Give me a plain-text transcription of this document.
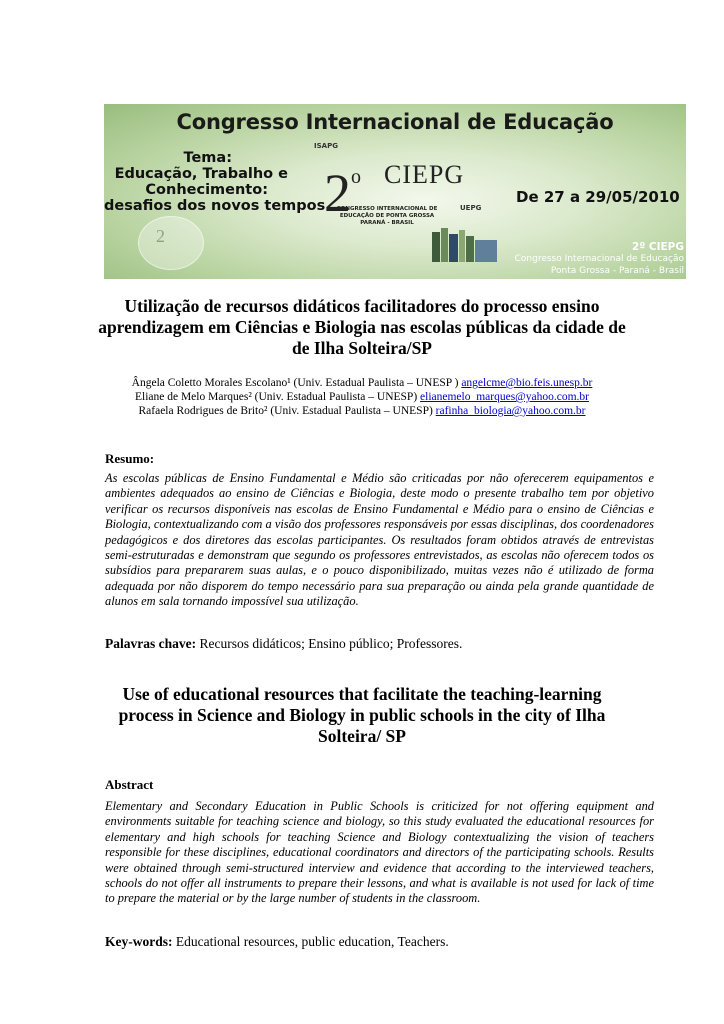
Congresso Internacional de Educação
2
Tema:
Educação, Trabalho e
Conhecimento:
desafios dos novos tempos
ISAPG
2$^o$ CIEPG
CONGRESSO INTERNACIONAL DE EDUCAÇÃO DE PONTA GROSSA PARANÁ - BRASIL
UEPG
De 27 a 29/05/2010
2º CIEPG
Congresso Internacional de Educação
Ponta Grossa - Paraná - Brasil
Utilização de recursos didáticos facilitadores do processo ensino aprendizagem em Ciências e Biologia nas escolas públicas da cidade de de Ilha Solteira/SP
Ângela Coletto Morales Escolano¹ (Univ. Estadual Paulista – UNESP ) angelcme@bio.feis.unesp.br
Eliane de Melo Marques² (Univ. Estadual Paulista – UNESP) elianemelo_marques@yahoo.com.br
Rafaela Rodrigues de Brito² (Univ. Estadual Paulista – UNESP) rafinha_biologia@yahoo.com.br
Resumo:
As escolas públicas de Ensino Fundamental e Médio são criticadas por não oferecerem equipamentos e ambientes adequados ao ensino de Ciências e Biologia, deste modo o presente trabalho tem por objetivo verificar os recursos disponíveis nas escolas de Ensino Fundamental e Médio para o ensino de Ciências e Biologia, contextualizando com a visão dos professores responsáveis por essas disciplinas, dos coordenadores pedagógicos e dos diretores das escolas participantes. Os resultados foram obtidos através de entrevistas semi-estruturadas e demonstram que segundo os professores entrevistados, as escolas não oferecem todos os subsídios para prepararem suas aulas, e o pouco disponibilizado, muitas vezes não é utilizado de forma adequada por não disporem do tempo necessário para sua preparação ou ainda pela grande quantidade de alunos em sala tornando impossível sua utilização.
Palavras chave: Recursos didáticos; Ensino público; Professores.
Use of educational resources that facilitate the teaching-learning process in Science and Biology in public schools in the city of Ilha Solteira/ SP
Abstract
Elementary and Secondary Education in Public Schools is criticized for not offering equipment and environments suitable for teaching science and biology, so this study evaluated the educational resources for elementary and high schools for teaching Science and Biology contextualizing the vision of teachers responsible for these disciplines, educational coordinators and directors of the participating schools. Results were obtained through semi-structured interview and evidence that according to the interviewed teachers, schools do not offer all instruments to prepare their lessons, and what is available is not used for lack of time to prepare the material or by the large number of students in the classroom.
Key-words: Educational resources, public education, Teachers.
